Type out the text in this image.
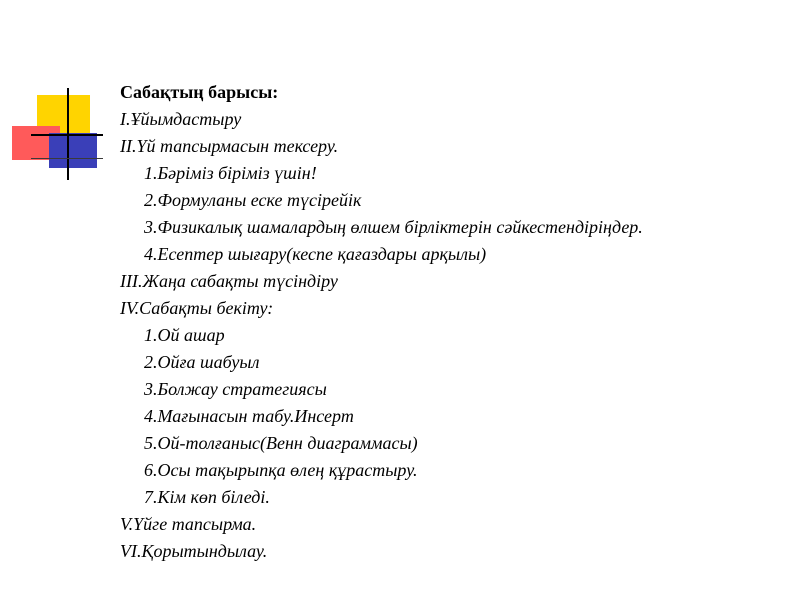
Сабақтың барысы:
I.Ұйымдастыру
II.Үй тапсырмасын тексеру.
1.Бәріміз біріміз үшін!
2.Формуланы еске түсірейік
3.Физикалық шамалардың өлшем бірліктерін сәйкестендіріңдер.
4.Есептер шығару(кеспе қағаздары арқылы)
III.Жаңа сабақты түсіндіру
IV.Сабақты бекіту:
1.Ой ашар
2.Ойға шабуыл
3.Болжау стратегиясы
4.Мағынасын табу.Инсерт
5.Ой-толғаныс(Венн диаграммасы)
6.Осы тақырыпқа өлең құрастыру.
7.Кім көп біледі.
V.Үйге тапсырма.
VI.Қорытындылау.
